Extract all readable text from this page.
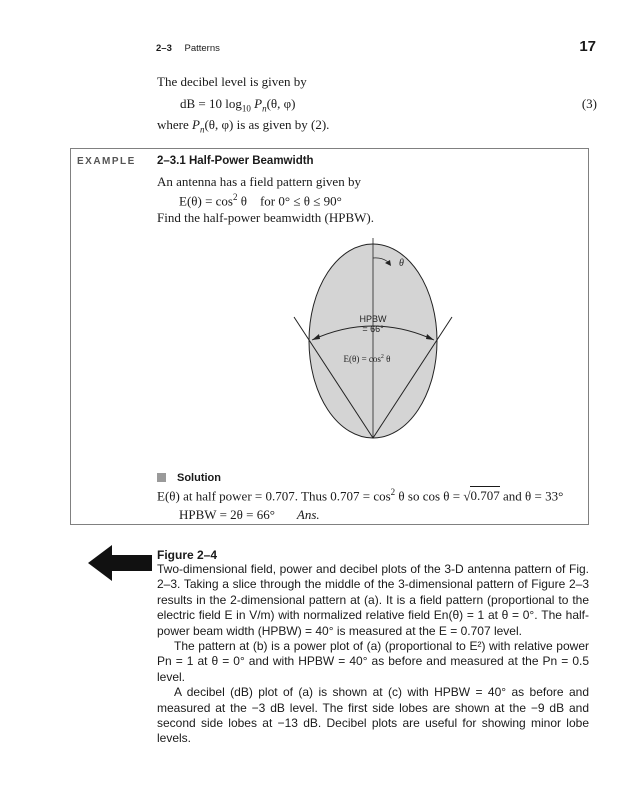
2–3 Patterns	17
The decibel level is given by
dB = 10 $\log_{10} P_n(\theta$, φ)	(3)
where $P_n(\theta$, φ) is as given by (2).
EXAMPLE 2–3.1 Half-Power Beamwidth
An antenna has a field pattern given by
$E(\theta) = \cos^2 \theta$    for 0° ≤ θ ≤ 90°
Find the half-power beamwidth (HPBW).
θ
HPBW
= 66°
$E(\theta) = \cos^2 \theta$
Solution
E(θ) at half power = 0.707. Thus $0.707 = \cos^2 \theta$ so cos θ = √0.707 and θ = 33°
HPBW = 2θ = 66° Ans.
Figure 2–4

Two-dimensional field, power and decibel plots of the 3-D antenna pattern of Fig. 2–3. Taking a slice through the middle of the 3-dimensional pattern of Figure 2–3 results in the 2-dimensional pattern at (a). It is a field pattern (proportional to the electric field E in V/m) with normalized relative field En(θ) = 1 at θ = 0°. The half-power beam width (HPBW) = 40° is measured at the E = 0.707 level.

The pattern at (b) is a power plot of (a) (proportional to E²) with relative power Pn = 1 at θ = 0° and with HPBW = 40° as before and measured at the Pn = 0.5 level.

A decibel (dB) plot of (a) is shown at (c) with HPBW = 40° as before and measured at the −3 dB level. The first side lobes are shown at the −9 dB and second side lobes at −13 dB. Decibel plots are useful for showing minor lobe levels.
